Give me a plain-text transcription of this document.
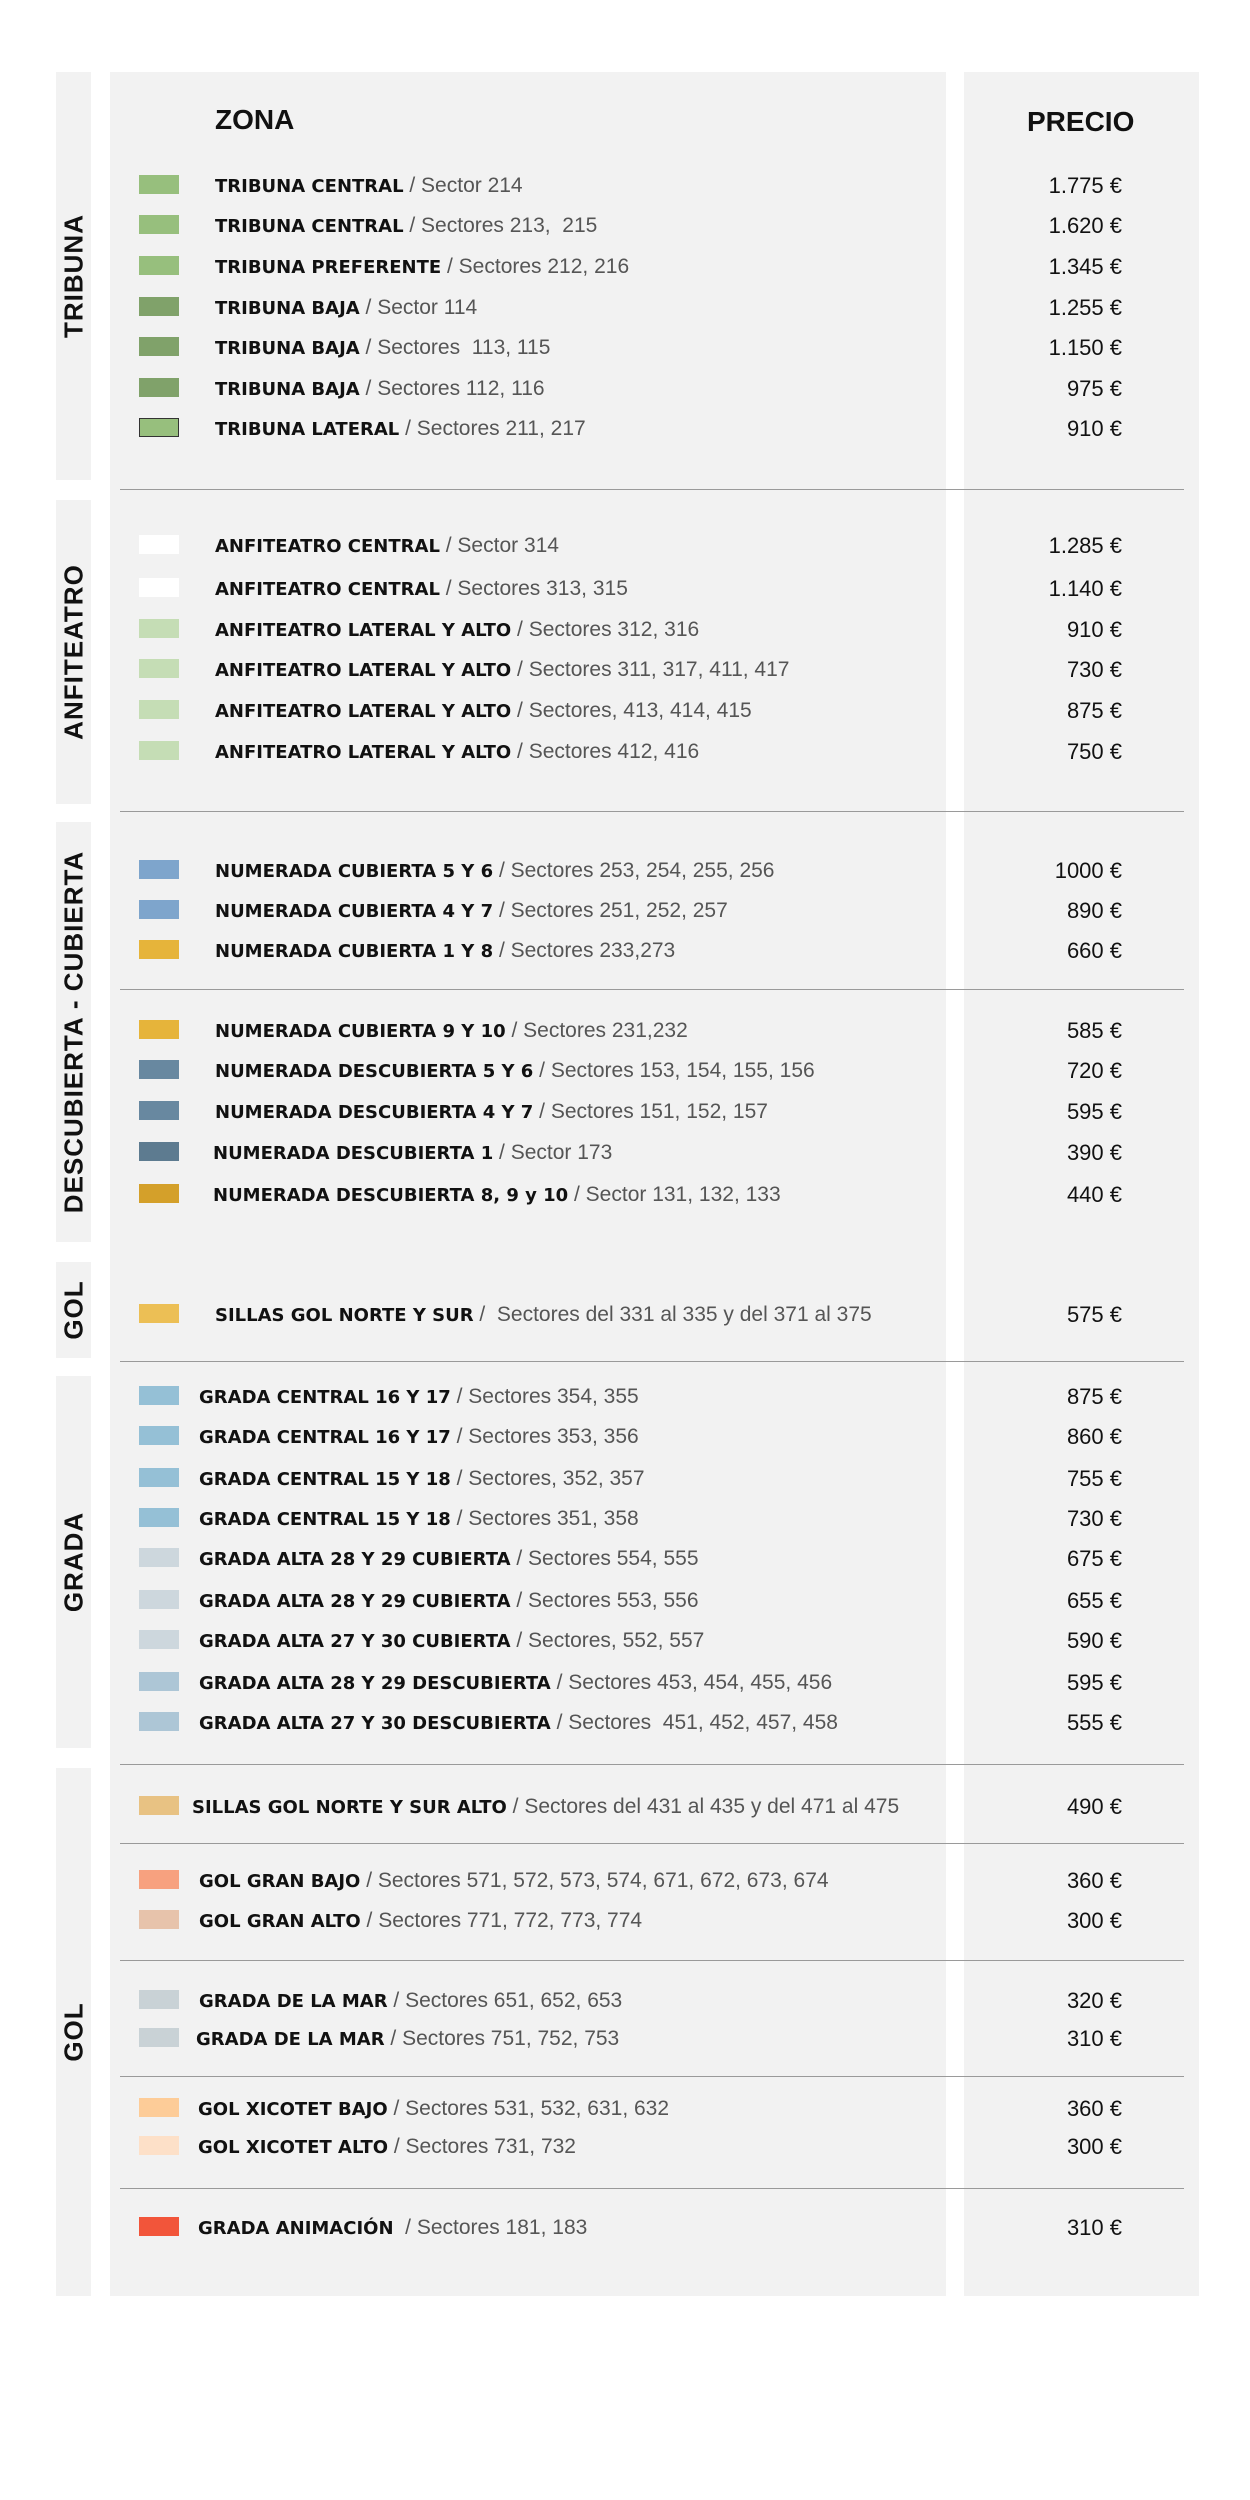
TRIBUNA
ANFITEATRO
DESCUBIERTA - CUBIERTA
GOL
GRADA
GOL
ZONA	PRECIO
TRIBUNA CENTRAL / Sector 214	1.775 €
TRIBUNA CENTRAL / Sectores 213,  215	1.620 €
TRIBUNA PREFERENTE / Sectores 212, 216	1.345 €
TRIBUNA BAJA / Sector 114	1.255 €
TRIBUNA BAJA / Sectores  113, 115	1.150 €
TRIBUNA BAJA / Sectores 112, 116	975 €
TRIBUNA LATERAL / Sectores 211, 217	910 €
ANFITEATRO CENTRAL / Sector 314	1.285 €
ANFITEATRO CENTRAL / Sectores 313, 315	1.140 €
ANFITEATRO LATERAL Y ALTO / Sectores 312, 316	910 €
ANFITEATRO LATERAL Y ALTO / Sectores 311, 317, 411, 417	730 €
ANFITEATRO LATERAL Y ALTO / Sectores, 413, 414, 415	875 €
ANFITEATRO LATERAL Y ALTO / Sectores 412, 416	750 €
NUMERADA CUBIERTA 5 Y 6 / Sectores 253, 254, 255, 256	1000 €
NUMERADA CUBIERTA 4 Y 7 / Sectores 251, 252, 257	890 €
NUMERADA CUBIERTA 1 Y 8 / Sectores 233,273	660 €
NUMERADA CUBIERTA 9 Y 10 / Sectores 231,232	585 €
NUMERADA DESCUBIERTA 5 Y 6 / Sectores 153, 154, 155, 156	720 €
NUMERADA DESCUBIERTA 4 Y 7 / Sectores 151, 152, 157	595 €
NUMERADA DESCUBIERTA 1 / Sector 173	390 €
NUMERADA DESCUBIERTA 8, 9 y 10 / Sector 131, 132, 133	440 €
SILLAS GOL NORTE Y SUR /  Sectores del 331 al 335 y del 371 al 375	575 €
GRADA CENTRAL 16 Y 17 / Sectores 354, 355	875 €
GRADA CENTRAL 16 Y 17 / Sectores 353, 356	860 €
GRADA CENTRAL 15 Y 18 / Sectores, 352, 357	755 €
GRADA CENTRAL 15 Y 18 / Sectores 351, 358	730 €
GRADA ALTA 28 Y 29 CUBIERTA / Sectores 554, 555	675 €
GRADA ALTA 28 Y 29 CUBIERTA / Sectores 553, 556	655 €
GRADA ALTA 27 Y 30 CUBIERTA / Sectores, 552, 557	590 €
GRADA ALTA 28 Y 29 DESCUBIERTA / Sectores 453, 454, 455, 456	595 €
GRADA ALTA 27 Y 30 DESCUBIERTA / Sectores  451, 452, 457, 458	555 €
SILLAS GOL NORTE Y SUR ALTO / Sectores del 431 al 435 y del 471 al 475	490 €
GOL GRAN BAJO / Sectores 571, 572, 573, 574, 671, 672, 673, 674	360 €
GOL GRAN ALTO / Sectores 771, 772, 773, 774	300 €
GRADA DE LA MAR / Sectores 651, 652, 653	320 €
GRADA DE LA MAR / Sectores 751, 752, 753	310 €
GOL XICOTET BAJO / Sectores 531, 532, 631, 632	360 €
GOL XICOTET ALTO / Sectores 731, 732	300 €
GRADA ANIMACIÓN  / Sectores 181, 183	310 €
